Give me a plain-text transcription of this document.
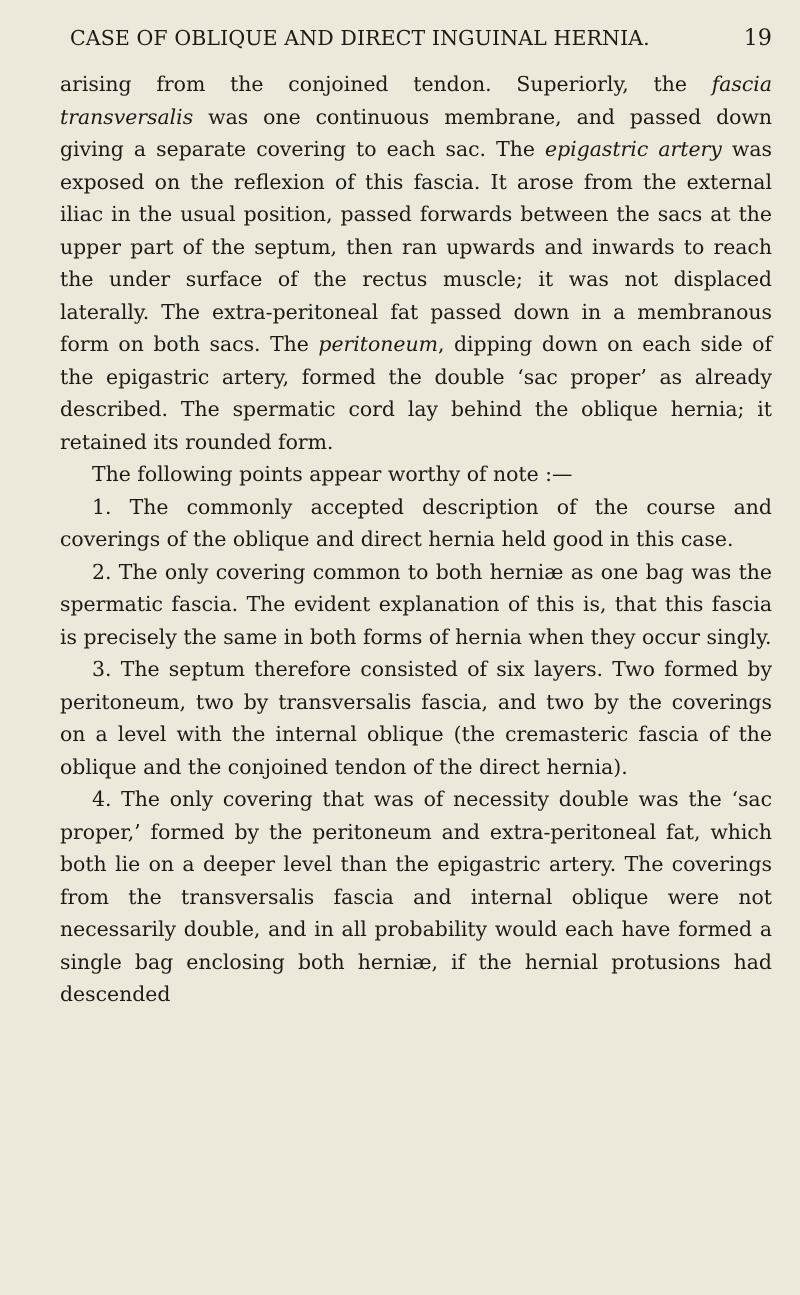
CASE OF OBLIQUE AND DIRECT INGUINAL HERNIA.	19

arising from the conjoined tendon. Superiorly, the fascia transversalis was one continuous membrane, and passed down giving a separate covering to each sac. The epigastric artery was exposed on the reflexion of this fascia. It arose from the external iliac in the usual position, passed forwards between the sacs at the upper part of the septum, then ran upwards and inwards to reach the under surface of the rectus muscle; it was not displaced laterally. The extra-peritoneal fat passed down in a membranous form on both sacs. The peritoneum, dipping down on each side of the epigastric artery, formed the double ‘sac proper’ as already described. The spermatic cord lay behind the oblique hernia; it retained its rounded form.

The following points appear worthy of note :—

1. The commonly accepted description of the course and coverings of the oblique and direct hernia held good in this case.

2. The only covering common to both herniæ as one bag was the spermatic fascia. The evident explanation of this is, that this fascia is precisely the same in both forms of hernia when they occur singly.

3. The septum therefore consisted of six layers. Two formed by peritoneum, two by transversalis fascia, and two by the coverings on a level with the internal oblique (the cremasteric fascia of the oblique and the conjoined tendon of the direct hernia).

4. The only covering that was of necessity double was the ‘sac proper,’ formed by the peritoneum and extra-peritoneal fat, which both lie on a deeper level than the epigastric artery. The coverings from the transversalis fascia and internal oblique were not necessarily double, and in all probability would each have formed a single bag enclosing both herniæ, if the hernial protusions had descended
